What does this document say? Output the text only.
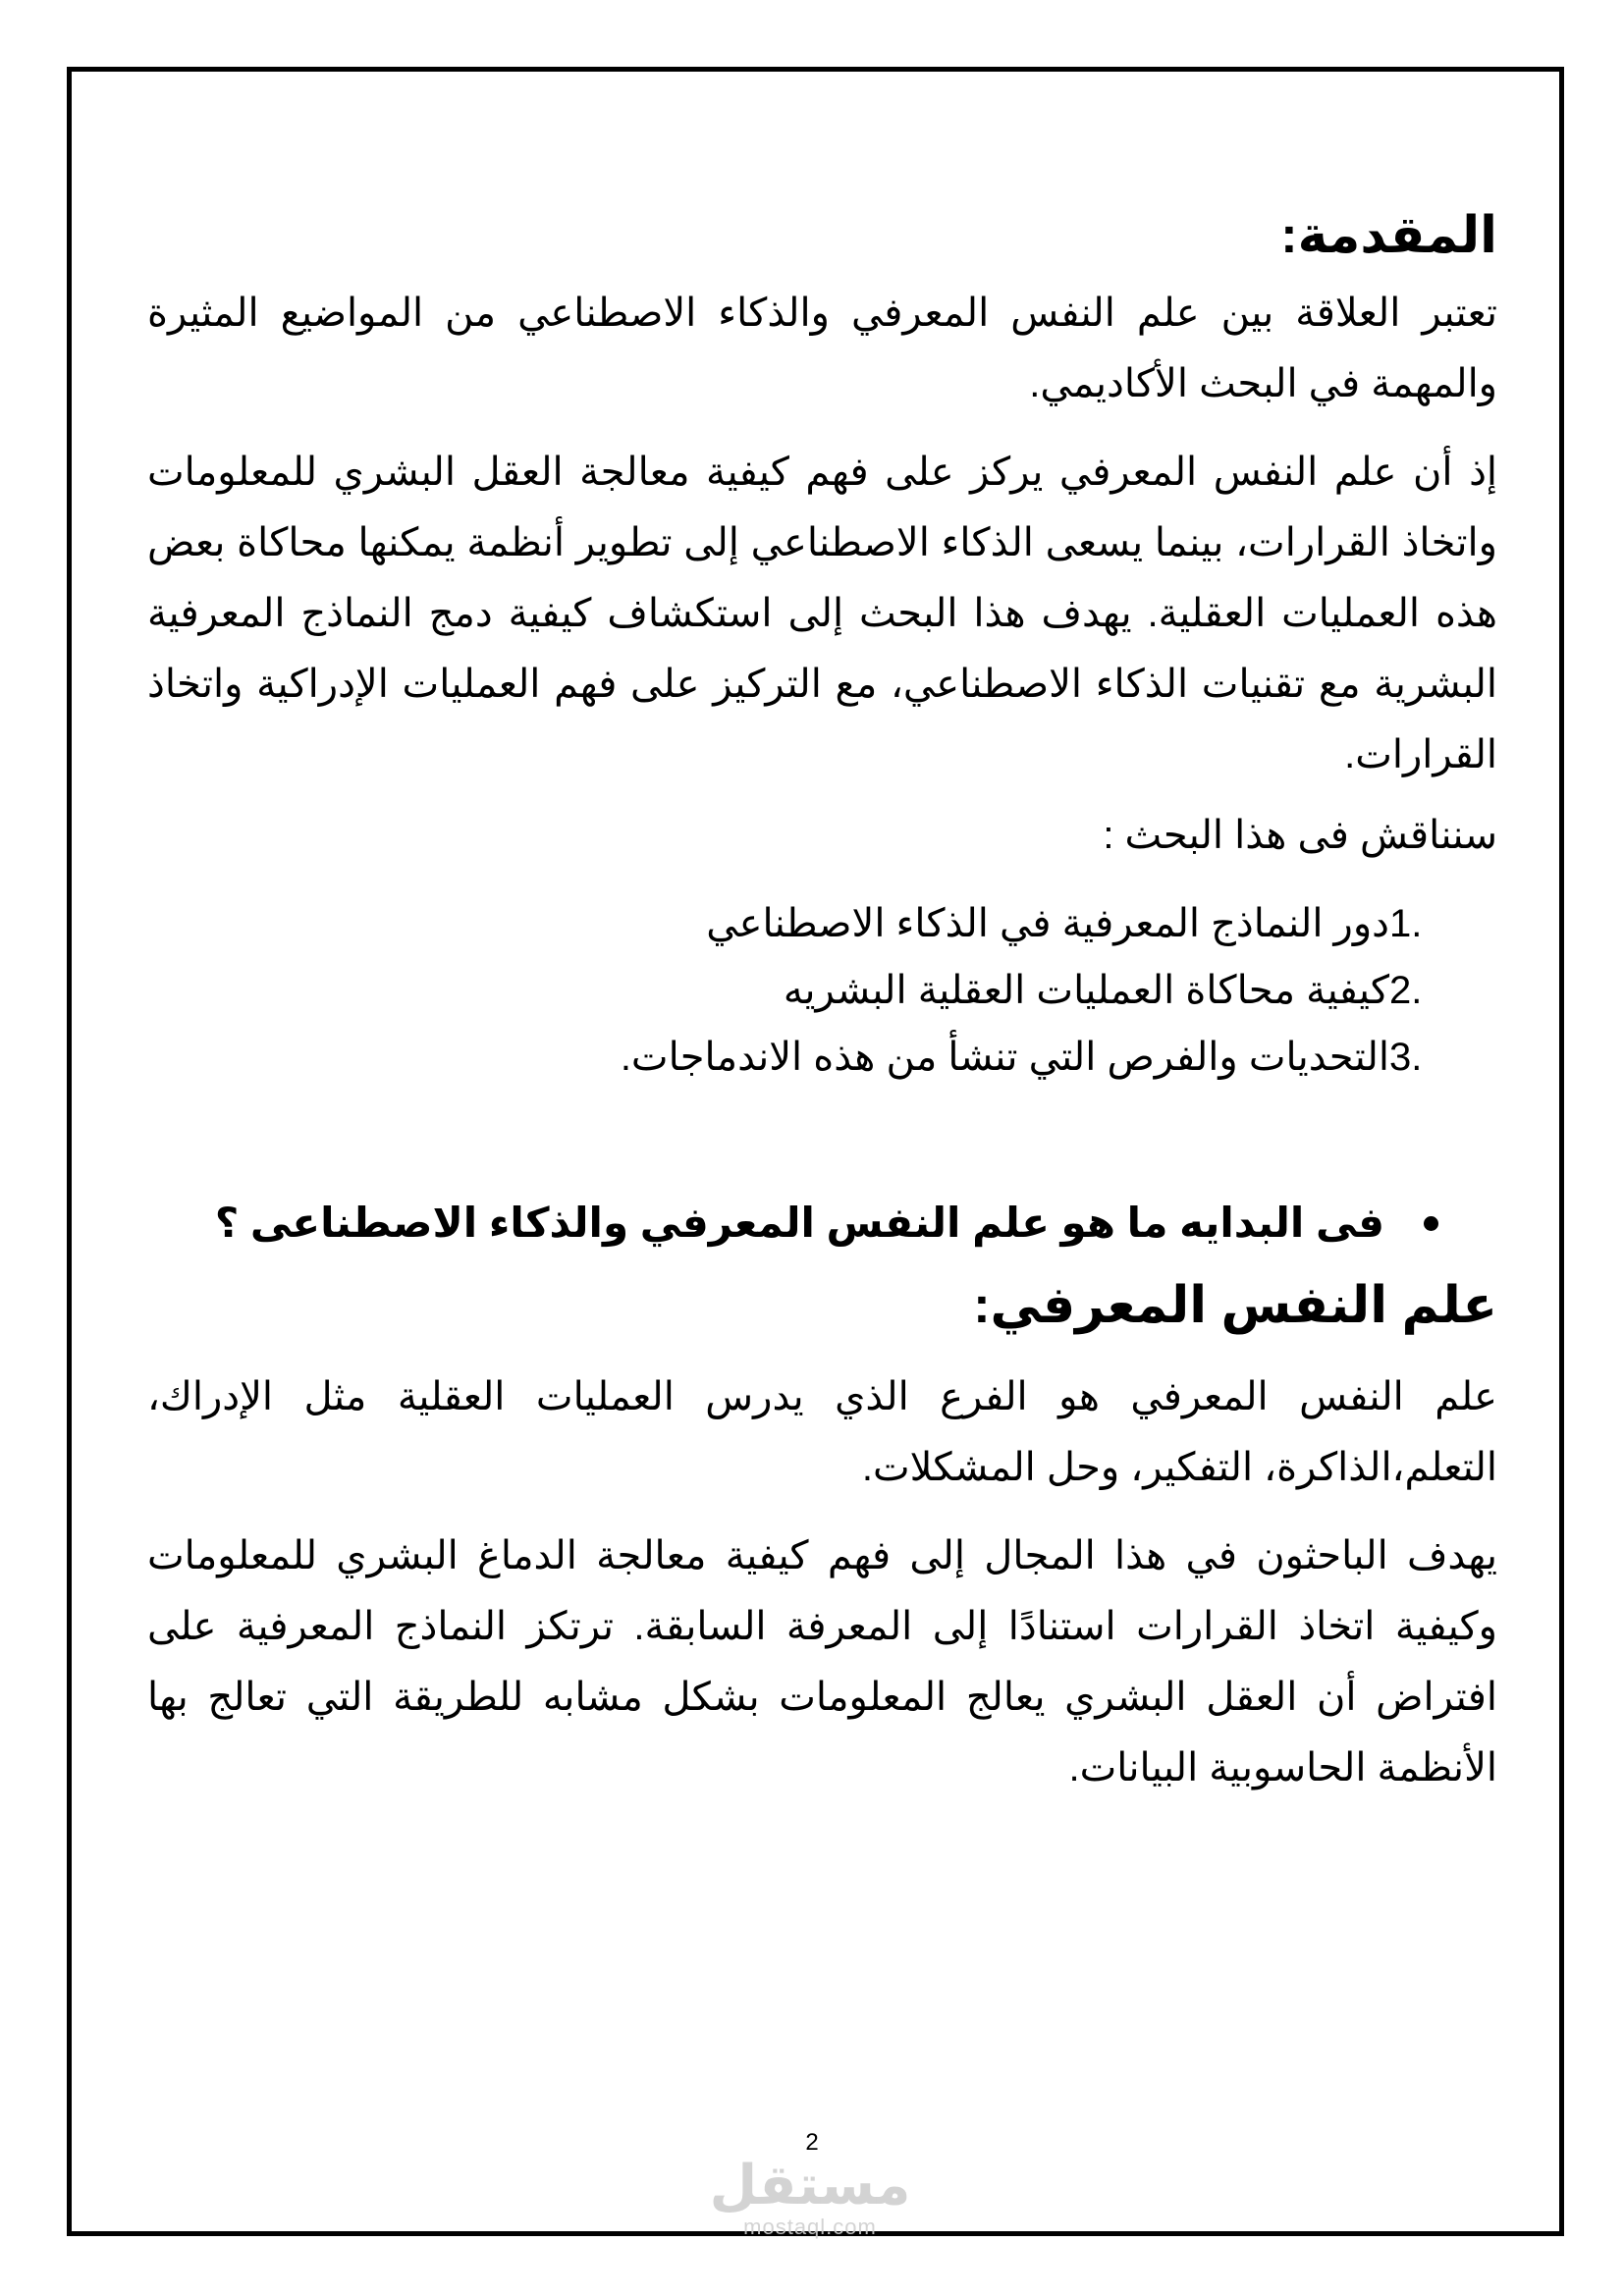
المقدمة:

تعتبر العلاقة بين علم النفس المعرفي والذكاء الاصطناعي من المواضيع المثيرة والمهمة في البحث الأكاديمي.

إذ أن علم النفس المعرفي يركز على فهم كيفية معالجة العقل البشري للمعلومات واتخاذ القرارات، بينما يسعى الذكاء الاصطناعي إلى تطوير أنظمة يمكنها محاكاة بعض هذه العمليات العقلية. يهدف هذا البحث إلى استكشاف كيفية دمج النماذج المعرفية البشرية مع تقنيات الذكاء الاصطناعي، مع التركيز على فهم العمليات الإدراكية واتخاذ القرارات.

سنناقش فى هذا البحث :

1.
دور النماذج المعرفية في الذكاء الاصطناعي
2.
كيفية محاكاة العمليات العقلية البشريه
3.
التحديات والفرص التي تنشأ من هذه الاندماجات.
فى البدايه ما هو علم النفس المعرفي والذكاء الاصطناعى ؟
علم النفس المعرفي:

علم النفس المعرفي هو الفرع الذي يدرس العمليات العقلية مثل الإدراك، التعلم،الذاكرة، التفكير، وحل المشكلات.

يهدف الباحثون في هذا المجال إلى فهم كيفية معالجة الدماغ البشري للمعلومات وكيفية اتخاذ القرارات استنادًا إلى المعرفة السابقة. ترتكز النماذج المعرفية على افتراض أن العقل البشري يعالج المعلومات بشكل مشابه للطريقة التي تعالج بها الأنظمة الحاسوبية البيانات.

2
مستقل
mostaql.com
